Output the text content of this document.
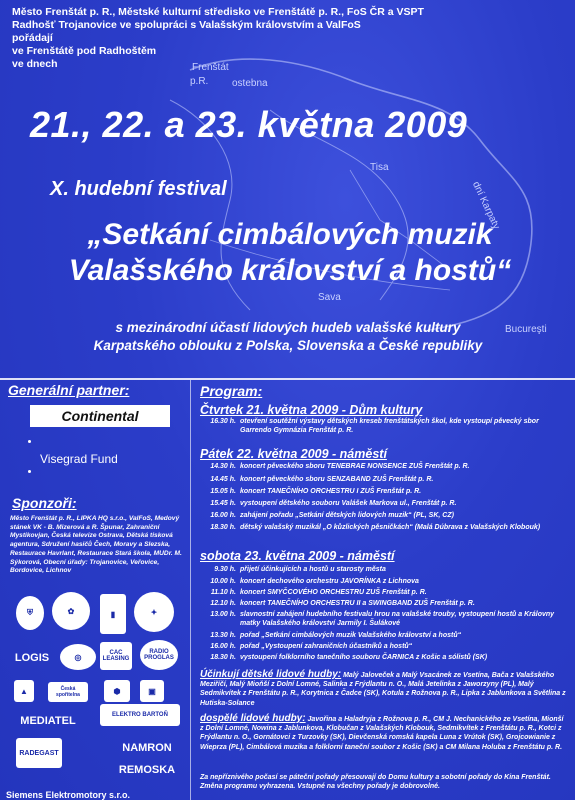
Frenštát
p.R. ostebna
Tisa
dní Karpaty
Bucureşti
Sava
Město Frenštát p. R., Městské kulturní středisko ve Frenštátě p. R., FoS ČR a VSPT
Radhošť Trojanovice ve spolupráci s Valašským královstvím a ValFoS
pořádají
ve Frenštátě pod Radhoštěm
ve dnech
21., 22. a 23. května 2009
X. hudební festival
„Setkání cimbálových muzik
Valašského království a hostů“
s mezinárodní účastí lidových hudeb valašské kultury
Karpatského oblouku z Polska, Slovenska a České republiky
Generální partner:
Continental
Visegrad Fund
Sponzoři:
Město Frenštát p. R., LIPKA HQ s.r.o., ValFoS, Medový stánek VK - B. Mizerová a R. Špunar, Zahraniční Mystikovjan, Česká televize Ostrava, Dětská tisková agentura, Sdružení hasičů Čech, Moravy a Slezska, Restaurace Havrlant, Restaurace Stará škola, MUDr. M. Sýkorová, Obecní úřady: Trojanovice, Veřovice, Bordovice, Lichnov
⛨	✿	▮	✦
LOGIS	◎	CAC LEASING
RADIO PROGLAS
▲	Česká spořitelna	⬢	▣
MEDIATEL	ELEKTRO BARTOŇ
RADEGAST	NAMRON
REMOSKA
Siemens Elektromotory s.r.o.
Program:
Čtvrtek 21. května 2009 - Dům kultury
16.30 h. otevření soutěžní výstavy dětských kreseb frenštátských škol, kde vystoupí pěvecký sbor Garrendo Gymnázia Frenštát p. R.
Pátek 22. května 2009 - náměstí
14.30 h. koncert pěveckého sboru TENEBRAE NONSENCE ZUŠ Frenštát p. R.
14.45 h. koncert pěveckého sboru SENZABAND ZUŠ Frenštát p. R.
15.05 h. koncert TANEČNÍHO ORCHESTRU I ZUŠ Frenštát p. R.
15.45 h. vystoupení dětského souboru Valášek Markova ul., Frenštát p. R.
16.00 h. zahájení pořadu „Setkání dětských lidových muzik“ (PL, SK, CZ)
18.30 h. dětský valašský muzikál „O kůzlických pěsničkách“ (Malá Dúbrava z Valašských Klobouk)
sobota 23. května 2009 - náměstí
9.30 h. přijetí účinkujících a hostů u starosty města
10.00 h. koncert dechového orchestru JAVORÍNKA z Lichnova
11.10 h. koncert SMYČCOVÉHO ORCHESTRU ZUŠ Frenštát p. R.
12.10 h. koncert TANEČNÍHO ORCHESTRU II a SWINGBAND ZUŠ Frenštát p. R.
13.00 h. slavnostní zahájení hudebního festivalu hrou na valašské trouby, vystoupení hostů a Královny matky Valašského království Jarmily I. Šulákové
13.30 h. pořad „Setkání cimbálových muzik Valašského království a hostů“
16.00 h. pořad „Vystoupení zahraničních účastníků a hostů“
18.30 h. vystoupení folklorního tanečního souboru ČARNICA z Košic a sólistů (SK)
Účinkují dětské lidové hudby: Malý Jaloveček a Malý Vsacánek ze Vsetína, Bača z Valašského Meziříčí, Malý Mioňší z Dolní Lomné, Salinka z Frýdlantu n. O., Malá Jetelinka z Jaworzyny (PL), Malý Sedmikvítek z Frenštátu p. R., Korytnica z Čadce (SK), Kotula z Rožnova p. R., Lipka z Jablunkova a Světlina z Hutiska-Solance
dospělé lidové hudby: Javořina a Haladryja z Rožnova p. R., CM J. Nechanického ze Vsetína, Mionší z Dolní Lomné, Nowina z Jablunkova, Klobučan z Valašských Klobouk, Sedmikvítek z Frenštátu p. R., Kotci z Frýdlantu n. O., Gornátovci z Turzovky (SK), Dievčenská romská kapela Luna z Vrútok (SK), Grojcowianie z Wieprza (PL), Cimbálová muzika a folklorní taneční soubor z Košic (SK) a CM Milana Holuba z Frenštátu p. R.
Za nepříznivého počasí se páteční pořady přesouvají do Domu kultury a sobotní pořady do Kina Frenštát. Změna programu vyhrazena. Vstupné na všechny pořady je dobrovolné.
